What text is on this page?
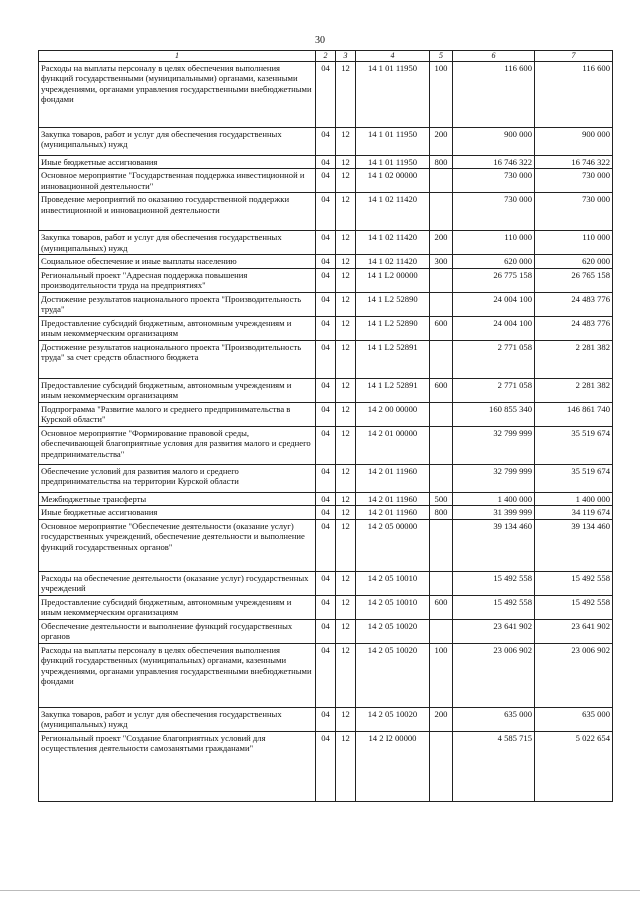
30
1	2	3	4	5	6	7
Расходы на выплаты персоналу в целях обеспечения выполнения функций государственными (муниципальными) органами, казенными учреждениями, органами управления государственными внебюджетными фондами	04	12	14 1 01 11950	100	116 600	116 600
Закупка товаров, работ и услуг для обеспечения государственных (муниципальных) нужд	04	12	14 1 01 11950	200	900 000	900 000
Иные бюджетные ассигнования	04	12	14 1 01 11950	800	16 746 322	16 746 322
Основное мероприятие "Государственная поддержка инвестиционной и инновационной деятельности"	04	12	14 1 02 00000		730 000	730 000
Проведение мероприятий по оказанию государственной поддержки инвестиционной и инновационной деятельности	04	12	14 1 02 11420		730 000	730 000
Закупка товаров, работ и услуг для обеспечения государственных (муниципальных) нужд	04	12	14 1 02 11420	200	110 000	110 000
Социальное обеспечение и иные выплаты населению	04	12	14 1 02 11420	300	620 000	620 000
Региональный проект "Адресная поддержка повышения производительности труда на предприятиях"	04	12	14 1 L2 00000		26 775 158	26 765 158
Достижение результатов национального проекта "Производительность труда"	04	12	14 1 L2 52890		24 004 100	24 483 776
Предоставление субсидий бюджетным, автономным учреждениям и иным некоммерческим организациям	04	12	14 1 L2 52890	600	24 004 100	24 483 776
Достижение результатов национального проекта "Производительность труда" за счет средств областного бюджета	04	12	14 1 L2 52891		2 771 058	2 281 382
Предоставление субсидий бюджетным, автономным учреждениям и иным некоммерческим организациям	04	12	14 1 L2 52891	600	2 771 058	2 281 382
Подпрограмма "Развитие малого и среднего предпринимательства в Курской области"	04	12	14 2 00 00000		160 855 340	146 861 740
Основное мероприятие "Формирование правовой среды, обеспечивающей благоприятные условия для развития малого и среднего предпринимательства"	04	12	14 2 01 00000		32 799 999	35 519 674
Обеспечение условий для развития малого и среднего предпринимательства на территории Курской области	04	12	14 2 01 11960		32 799 999	35 519 674
Межбюджетные трансферты	04	12	14 2 01 11960	500	1 400 000	1 400 000
Иные бюджетные ассигнования	04	12	14 2 01 11960	800	31 399 999	34 119 674
Основное мероприятие "Обеспечение деятельности (оказание услуг) государственных учреждений, обеспечение деятельности и выполнение функций государственных органов"	04	12	14 2 05 00000		39 134 460	39 134 460
Расходы на обеспечение деятельности (оказание услуг) государственных учреждений	04	12	14 2 05 10010		15 492 558	15 492 558
Предоставление субсидий бюджетным, автономным учреждениям и иным некоммерческим организациям	04	12	14 2 05 10010	600	15 492 558	15 492 558
Обеспечение деятельности и выполнение функций государственных органов	04	12	14 2 05 10020		23 641 902	23 641 902
Расходы на выплаты персоналу в целях обеспечения выполнения функций государственных (муниципальных) органами, казенными учреждениями, органами управления государственными внебюджетными фондами	04	12	14 2 05 10020	100	23 006 902	23 006 902
Закупка товаров, работ и услуг для обеспечения государственных (муниципальных) нужд	04	12	14 2 05 10020	200	635 000	635 000
Региональный проект "Создание благоприятных условий для осуществления деятельности самозанятыми гражданами"	04	12	14 2 I2 00000		4 585 715	5 022 654
